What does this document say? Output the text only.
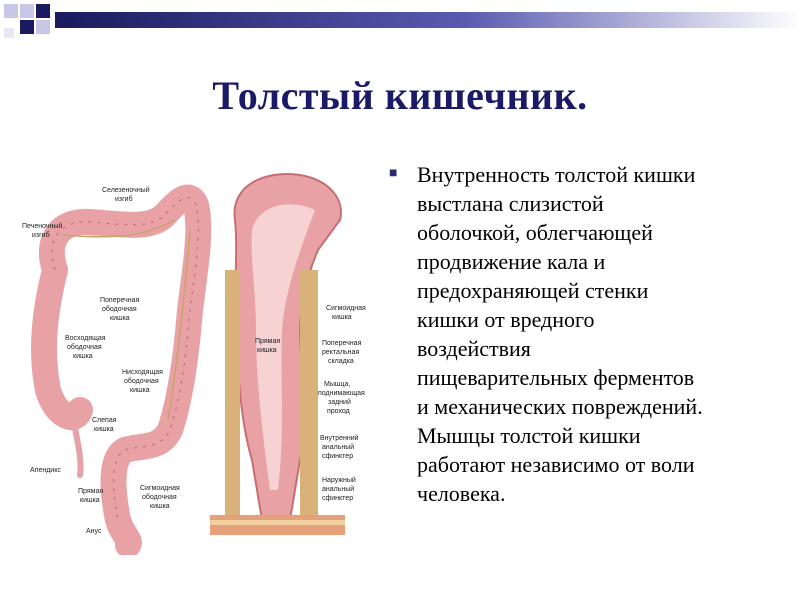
Толстый кишечник.
Селезеночный
изгиб
Печеночный
изгиб
Поперечная
ободочная
кишка
Восходящая
ободочная
кишка
Нисходящая
ободочная
кишка
Слепая
кишка
Апендикс
Прямая
кишка
Сигмоидная
ободочная
кишка
Анус
Сигмоидная
кишка
Прямая
кишка
Поперечная
ректальная
складка
Мышца,
поднимающая
задний
проход
Внутренний
анальный
сфинктер
Наружный
анальный
сфинктер
■ Внутренность толстой кишки
выстлана слизистой
оболочкой, облегчающей
продвижение кала и
предохраняющей стенки
кишки от вредного
воздействия
пищеварительных ферментов
и механических повреждений.
Мышцы толстой кишки
работают независимо от воли
человека.
